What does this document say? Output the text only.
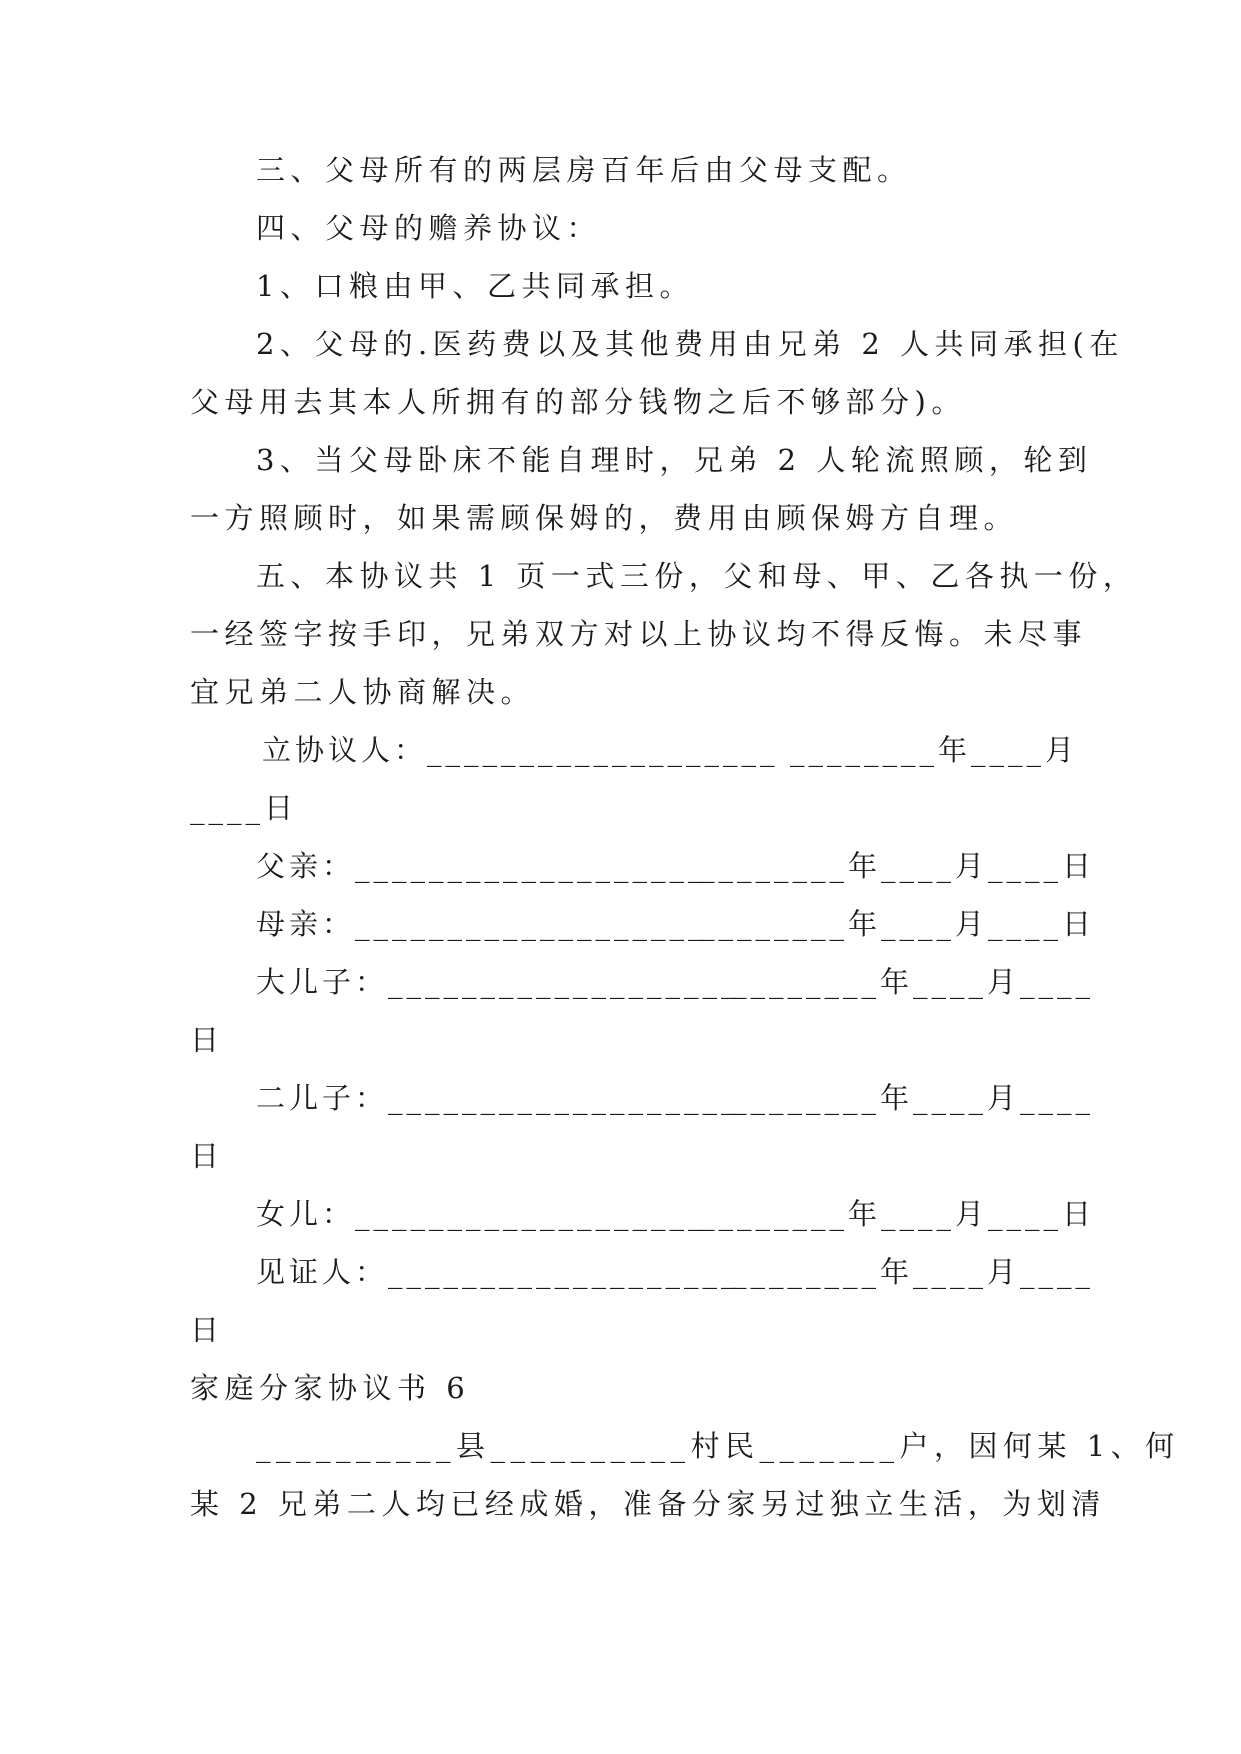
三、父母所有的两层房百年后由父母支配。
四、父母的赡养协议：
1、口粮由甲、乙共同承担。
2、父母的.医药费以及其他费用由兄弟 2 人共同承担(在
父母用去其本人所拥有的部分钱物之后不够部分)。
3、当父母卧床不能自理时，兄弟 2 人轮流照顾，轮到
一方照顾时，如果需顾保姆的，费用由顾保姆方自理。
五、本协议共 1 页一式三份，父和母、甲、乙各执一份，
一经签字按手印，兄弟双方对以上协议均不得反悔。未尽事
宜兄弟二人协商解决。
立协议人：___________________ ________年____月
____日
父亲：___________________
________年____月____日
母亲：___________________
________年____月____日
大儿子：___________________
________年____月____
日
二儿子：___________________
________年____月____
日
女儿：___________________
________年____月____日
见证人：___________________
________年____月____
日
家庭分家协议书 6
__________县__________村民_______户，因何某 1、何
某 2 兄弟二人均已经成婚，准备分家另过独立生活，为划清
